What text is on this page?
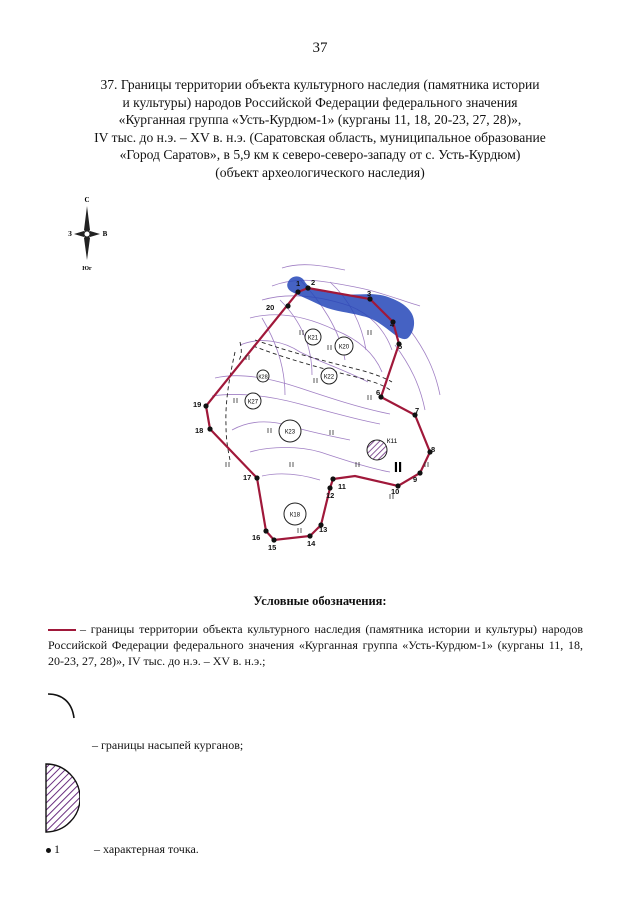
37
37. Границы территории объекта культурного наследия (памятника истории
и культуры) народов Российской Федерации федерального значения
«Курганная группа «Усть-Курдюм-1» (курганы 11, 18, 20-23, 27, 28)»,
IV тыс. до н.э. – XV в. н.э. (Саратовская область, муниципальное образование
«Город Саратов», в 5,9 км к северо-северо-западу от с. Усть-Курдюм)
(объект археологического наследия)
С
З	В
Юг
К21
К20
К28	К22
К27
К23
К11
К18
II
1 2
3
4
5
6
7
8
9
10
11
12
13
14
15
16
17
18
19
20
Условные обозначения:
– границы территории объекта культурного наследия (памятника истории и культуры) народов Российской Федерации федерального значения «Курганная группа «Усть-Курдюм-1» (курганы 11, 18, 20-23, 27, 28)», IV тыс. до н.э. – XV в. н.э.;
– границы насыпей курганов;
1	– характерная точка.
